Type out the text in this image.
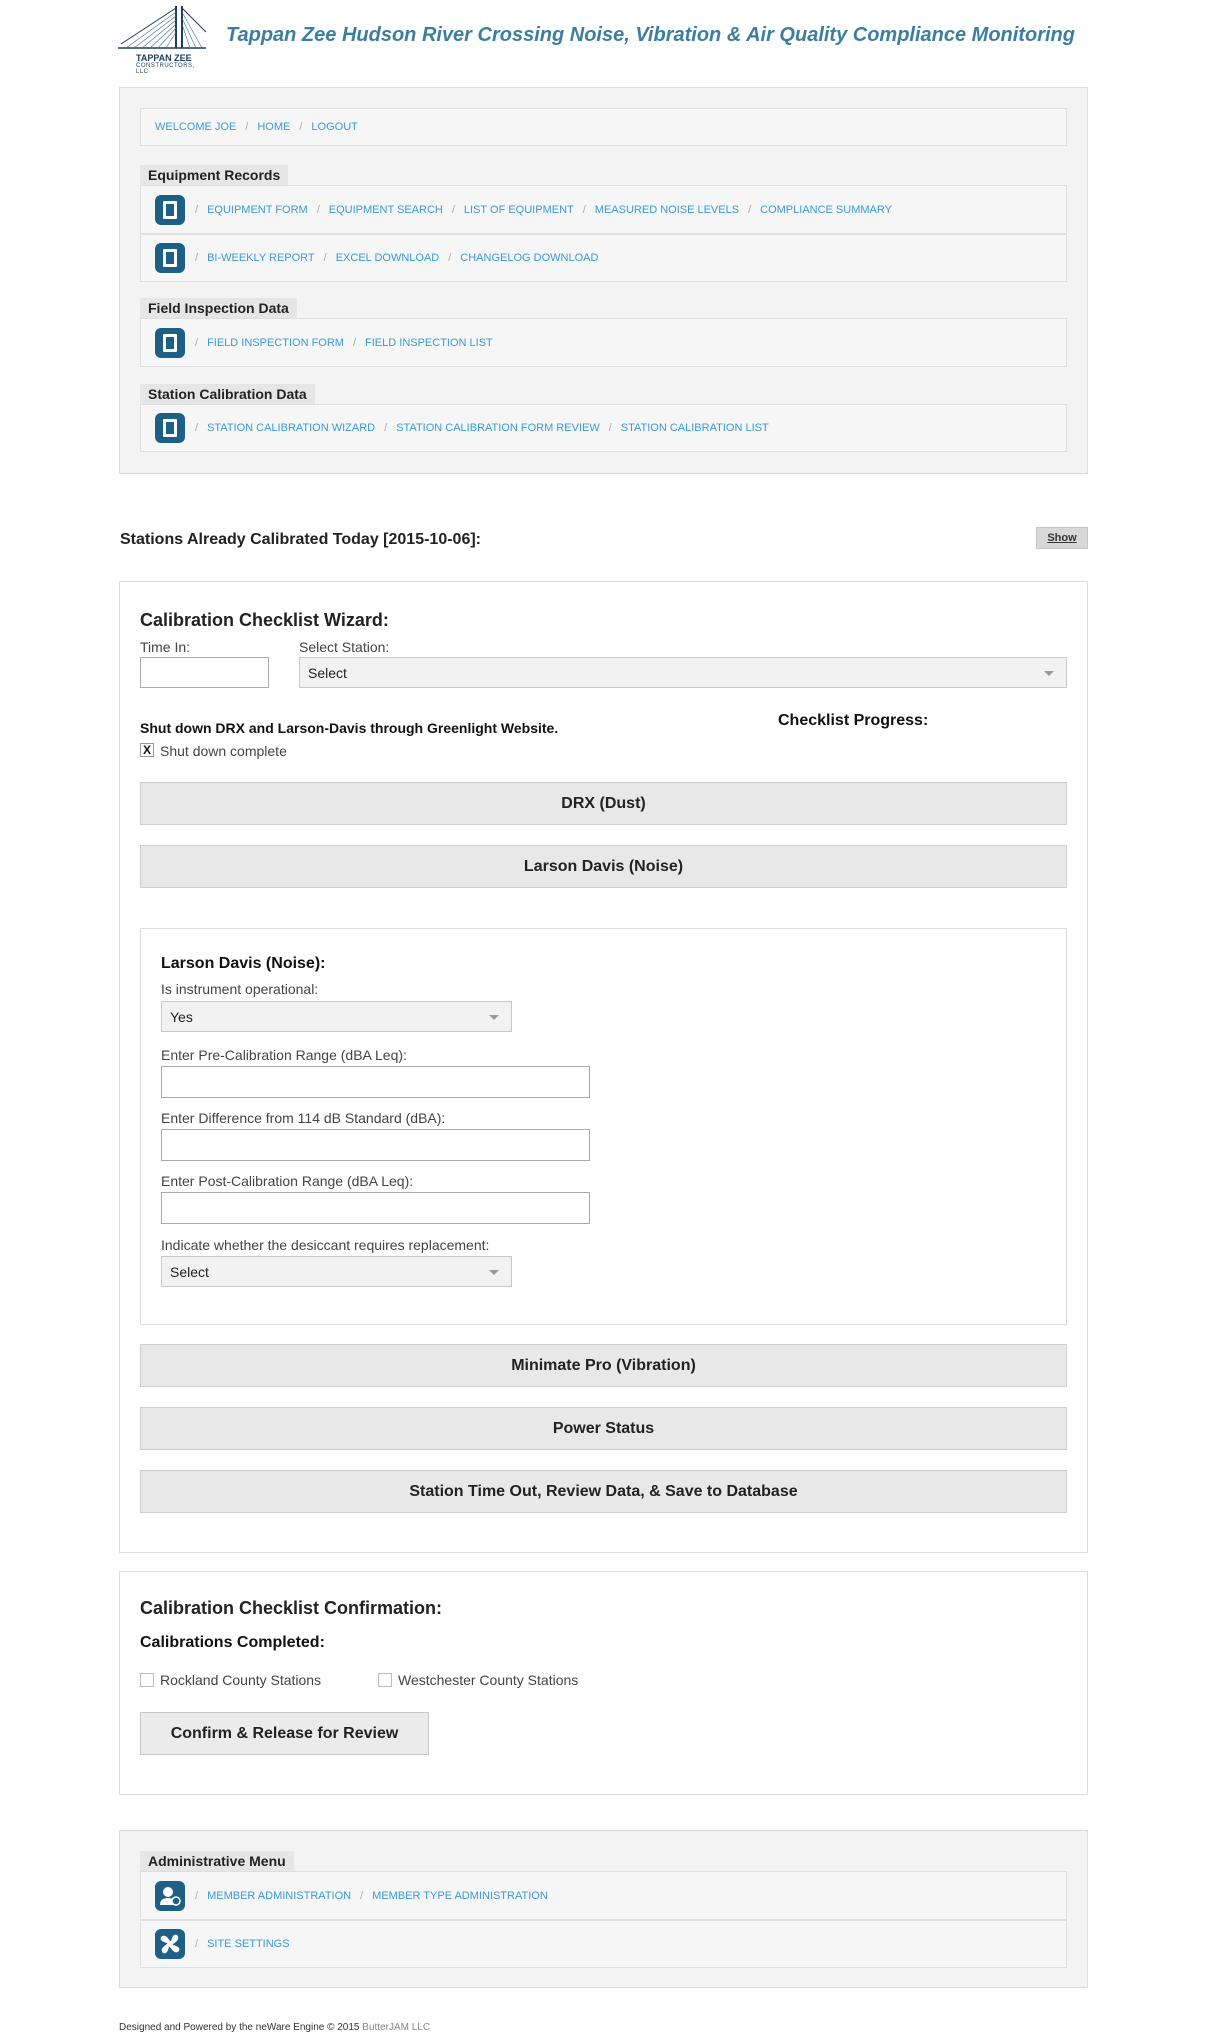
TAPPAN ZEE
CONSTRUCTORS, LLC
Tappan Zee Hudson River Crossing Noise, Vibration & Air Quality Compliance Monitoring
WELCOME JOE / HOME / LOGOUT
Equipment Records
/ EQUIPMENT FORM / EQUIPMENT SEARCH / LIST OF EQUIPMENT / MEASURED NOISE LEVELS / COMPLIANCE SUMMARY
/ BI-WEEKLY REPORT / EXCEL DOWNLOAD / CHANGELOG DOWNLOAD
Field Inspection Data
/ FIELD INSPECTION FORM / FIELD INSPECTION LIST
Station Calibration Data
/ STATION CALIBRATION WIZARD / STATION CALIBRATION FORM REVIEW / STATION CALIBRATION LIST
Stations Already Calibrated Today [2015-10-06]:	Show
Calibration Checklist Wizard:
Time In:	Select Station:
Select
Shut down DRX and Larson-Davis through Greenlight Website.
X Shut down complete
Checklist Progress:
DRX (Dust)
Larson Davis (Noise)
Larson Davis (Noise):
Is instrument operational:
Yes
Enter Pre-Calibration Range (dBA Leq):
Enter Difference from 114 dB Standard (dBA):
Enter Post-Calibration Range (dBA Leq):
Indicate whether the desiccant requires replacement:
Select
Minimate Pro (Vibration)
Power Status
Station Time Out, Review Data, & Save to Database
Calibration Checklist Confirmation:
Calibrations Completed:
Rockland County Stations	Westchester County Stations
Confirm & Release for Review
Administrative Menu
/ MEMBER ADMINISTRATION / MEMBER TYPE ADMINISTRATION
/ SITE SETTINGS
Designed and Powered by the neWare Engine © 2015 ButterJAM LLC
